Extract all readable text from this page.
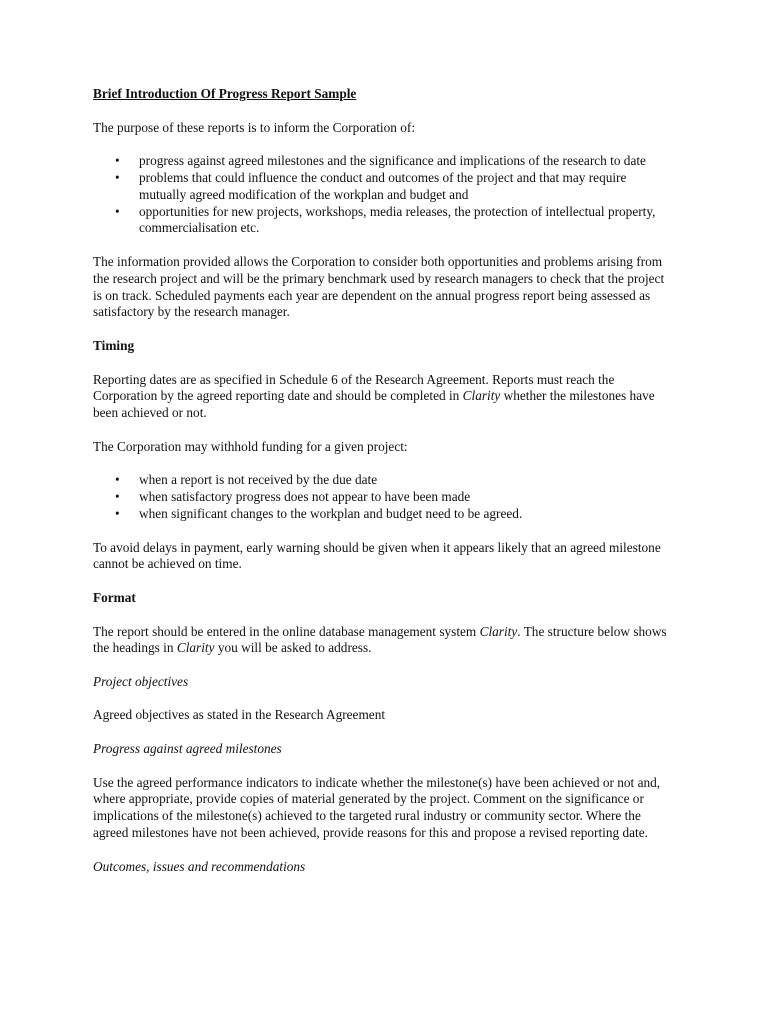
Brief Introduction Of Progress Report Sample

The purpose of these reports is to inform the Corporation of:

• progress against agreed milestones and the significance and implications of the research to date
• problems that could influence the conduct and outcomes of the project and that may require mutually agreed modification of the workplan and budget and
• opportunities for new projects, workshops, media releases, the protection of intellectual property, commercialisation etc.

The information provided allows the Corporation to consider both opportunities and problems arising from the research project and will be the primary benchmark used by research managers to check that the project is on track. Scheduled payments each year are dependent on the annual progress report being assessed as satisfactory by the research manager.

Timing

Reporting dates are as specified in Schedule 6 of the Research Agreement. Reports must reach the Corporation by the agreed reporting date and should be completed in Clarity whether the milestones have been achieved or not.

The Corporation may withhold funding for a given project:

• when a report is not received by the due date
• when satisfactory progress does not appear to have been made
• when significant changes to the workplan and budget need to be agreed.

To avoid delays in payment, early warning should be given when it appears likely that an agreed milestone cannot be achieved on time.

Format

The report should be entered in the online database management system Clarity. The structure below shows the headings in Clarity you will be asked to address.

Project objectives

Agreed objectives as stated in the Research Agreement

Progress against agreed milestones

Use the agreed performance indicators to indicate whether the milestone(s) have been achieved or not and, where appropriate, provide copies of material generated by the project. Comment on the significance or implications of the milestone(s) achieved to the targeted rural industry or community sector. Where the agreed milestones have not been achieved, provide reasons for this and propose a revised reporting date.

Outcomes, issues and recommendations
